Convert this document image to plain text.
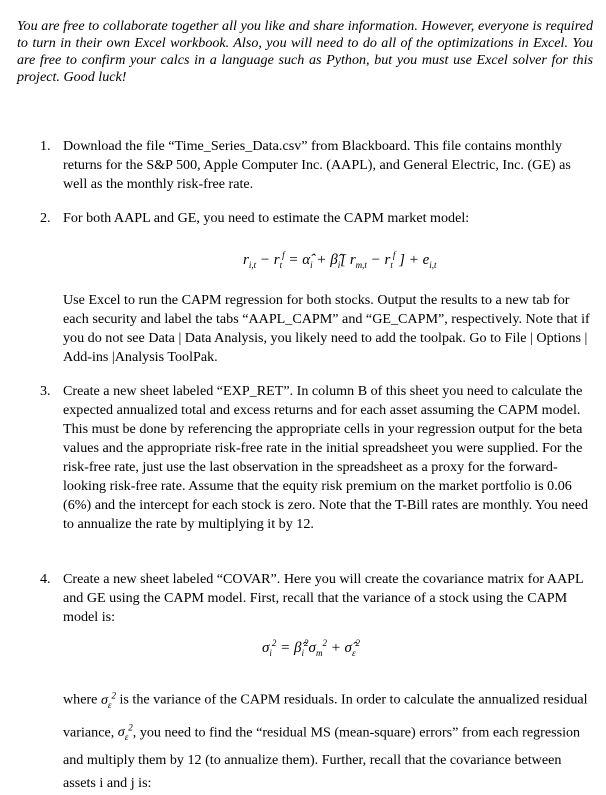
You are free to collaborate together all you like and share information. However, everyone is required to turn in their own Excel workbook. Also, you will need to do all of the optimizations in Excel. You are free to confirm your calcs in a language such as Python, but you must use Excel solver for this project. Good luck!
1. Download the file “Time_Series_Data.csv” from Blackboard. This file contains monthly returns for the S&P 500, Apple Computer Inc. (AAPL), and General Electric, Inc. (GE) as well as the monthly risk-free rate.
2. For both AAPL and GE, you need to estimate the CAPM market model:
$r_{i,t} - r_t^f$ = $\alphâ_i$ + $\betâ_i$[ $r_{m,t} - r_t^f$ ] + $e_{i,t}$
Use Excel to run the CAPM regression for both stocks. Output the results to a new tab for each security and label the tabs “AAPL_CAPM” and “GE_CAPM”, respectively. Note that if you do not see Data | Data Analysis, you likely need to add the toolpak. Go to File | Options | Add-ins |Analysis ToolPak.
3. Create a new sheet labeled “EXP_RET”. In column B of this sheet you need to calculate the expected annualized total and excess returns and for each asset assuming the CAPM model. This must be done by referencing the appropriate cells in your regression output for the beta values and the appropriate risk-free rate in the initial spreadsheet you were supplied. For the risk-free rate, just use the last observation in the spreadsheet as a proxy for the forward-looking risk-free rate. Assume that the equity risk premium on the market portfolio is 0.06 (6%) and the intercept for each stock is zero. Note that the T-Bill rates are monthly. You need to annualize the rate by multiplying it by 12.
4. Create a new sheet labeled “COVAR”. Here you will create the covariance matrix for AAPL and GE using the CAPM model. First, recall that the variance of a stock using the CAPM model is:
$\sigma_i^2$ = $\betâ_i^2\sigma_m^2$ + $\sigmâ_\varepsilon^2$
where $\sigma_\varepsilon^2$ is the variance of the CAPM residuals. In order to calculate the annualized residual variance, $\sigma_\varepsilon^2$, you need to find the “residual MS (mean-square) errors” from each regression and multiply them by 12 (to annualize them). Further, recall that the covariance between assets i and j is:
